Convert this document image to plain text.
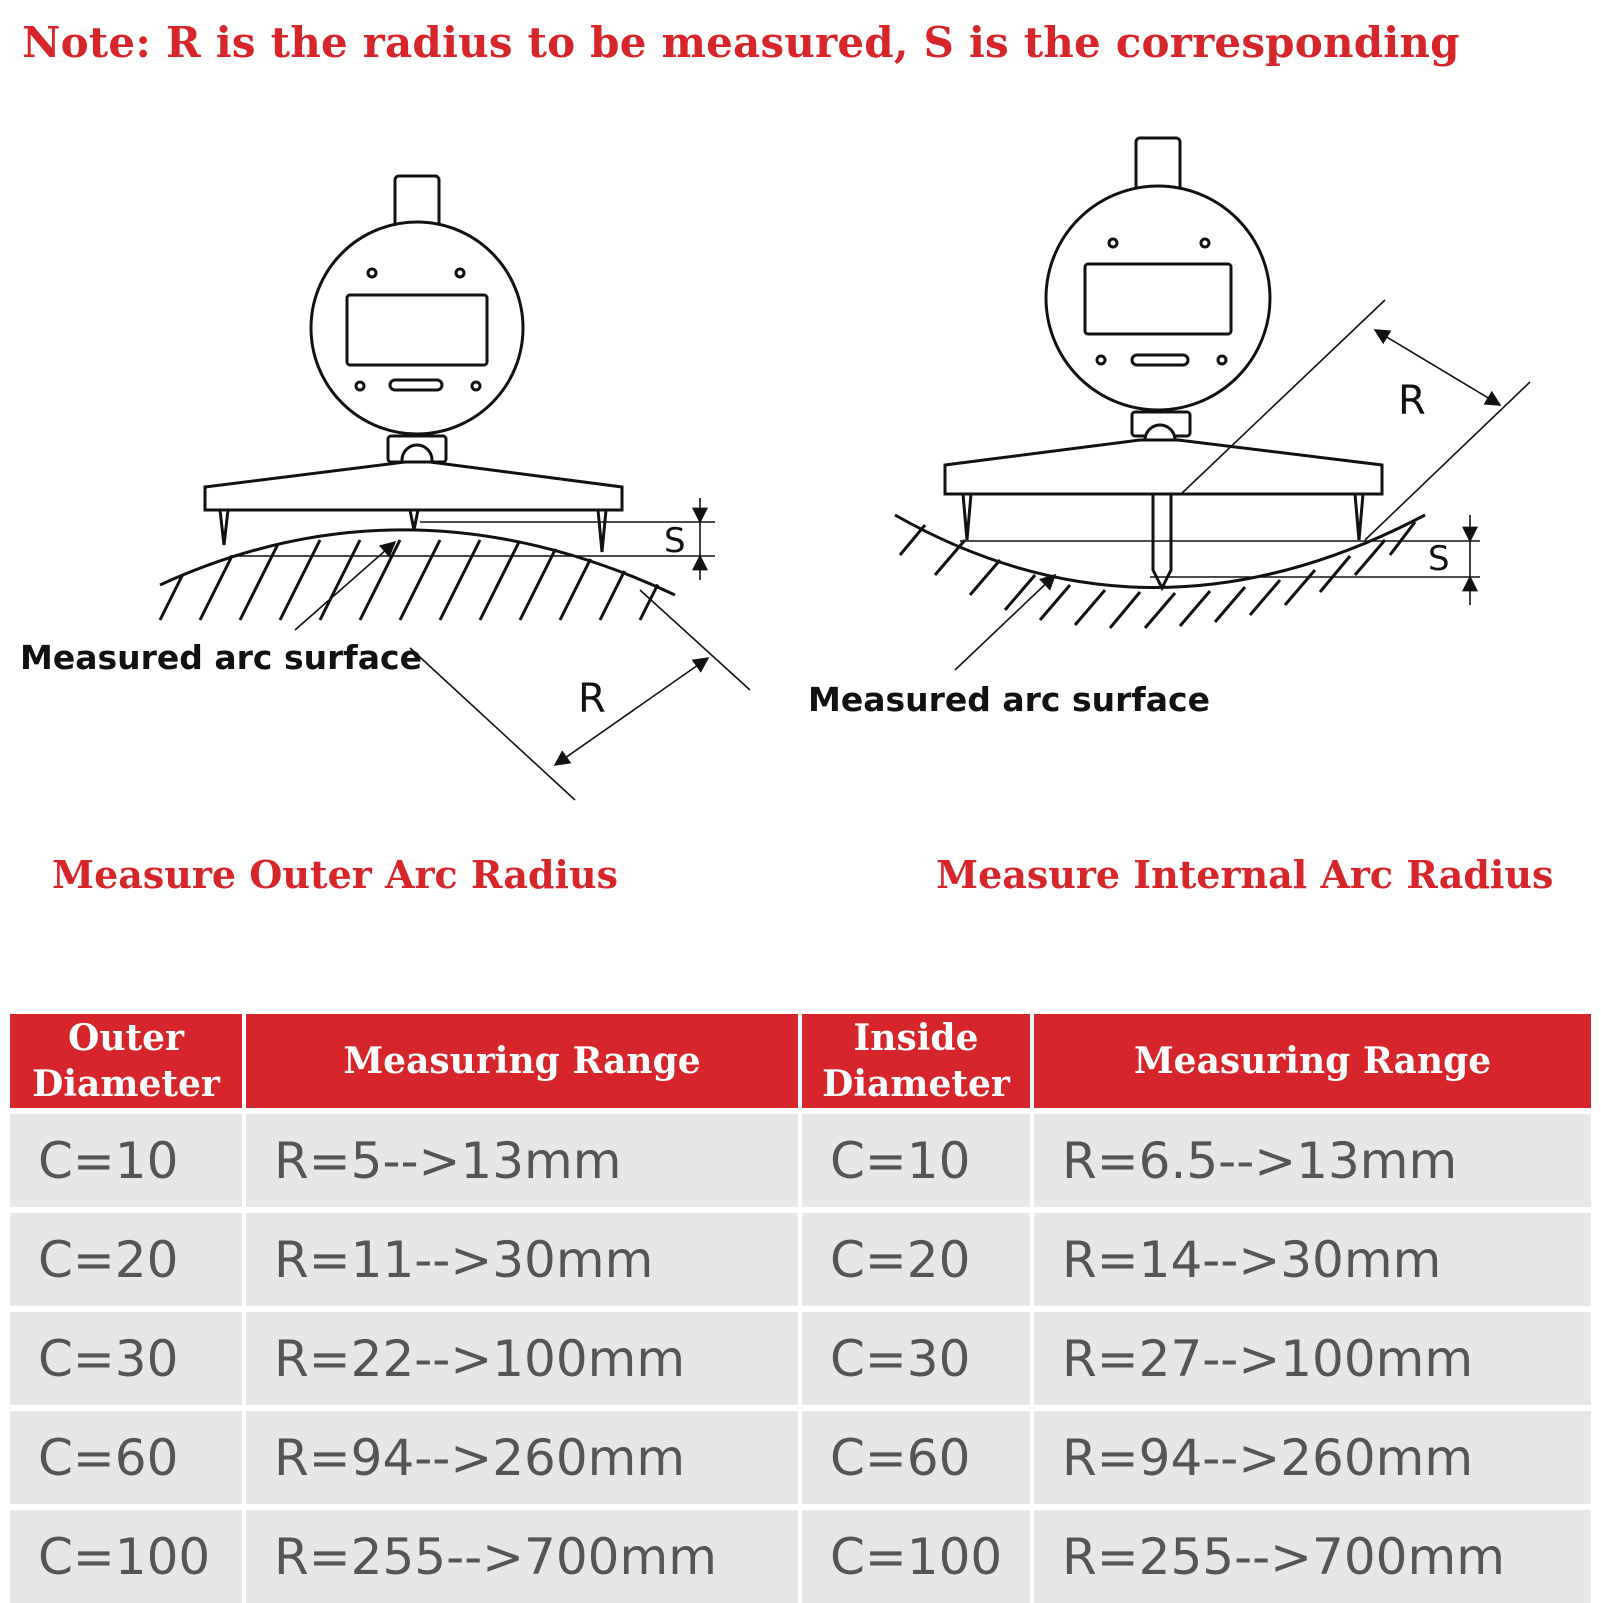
Note: R is the radius to be measured, S is the corresponding
S
R
S
R
Measured arc surface
Measured arc surface
Measure Outer Arc Radius	Measure Internal Arc Radius
Outer Diameter	Measuring Range	Inside Diameter	Measuring Range
C=10	R=5-->13mm	C=10	R=6.5-->13mm
C=20	R=11-->30mm	C=20	R=14-->30mm
C=30	R=22-->100mm	C=30	R=27-->100mm
C=60	R=94-->260mm	C=60	R=94-->260mm
C=100	R=255-->700mm	C=100	R=255-->700mm
